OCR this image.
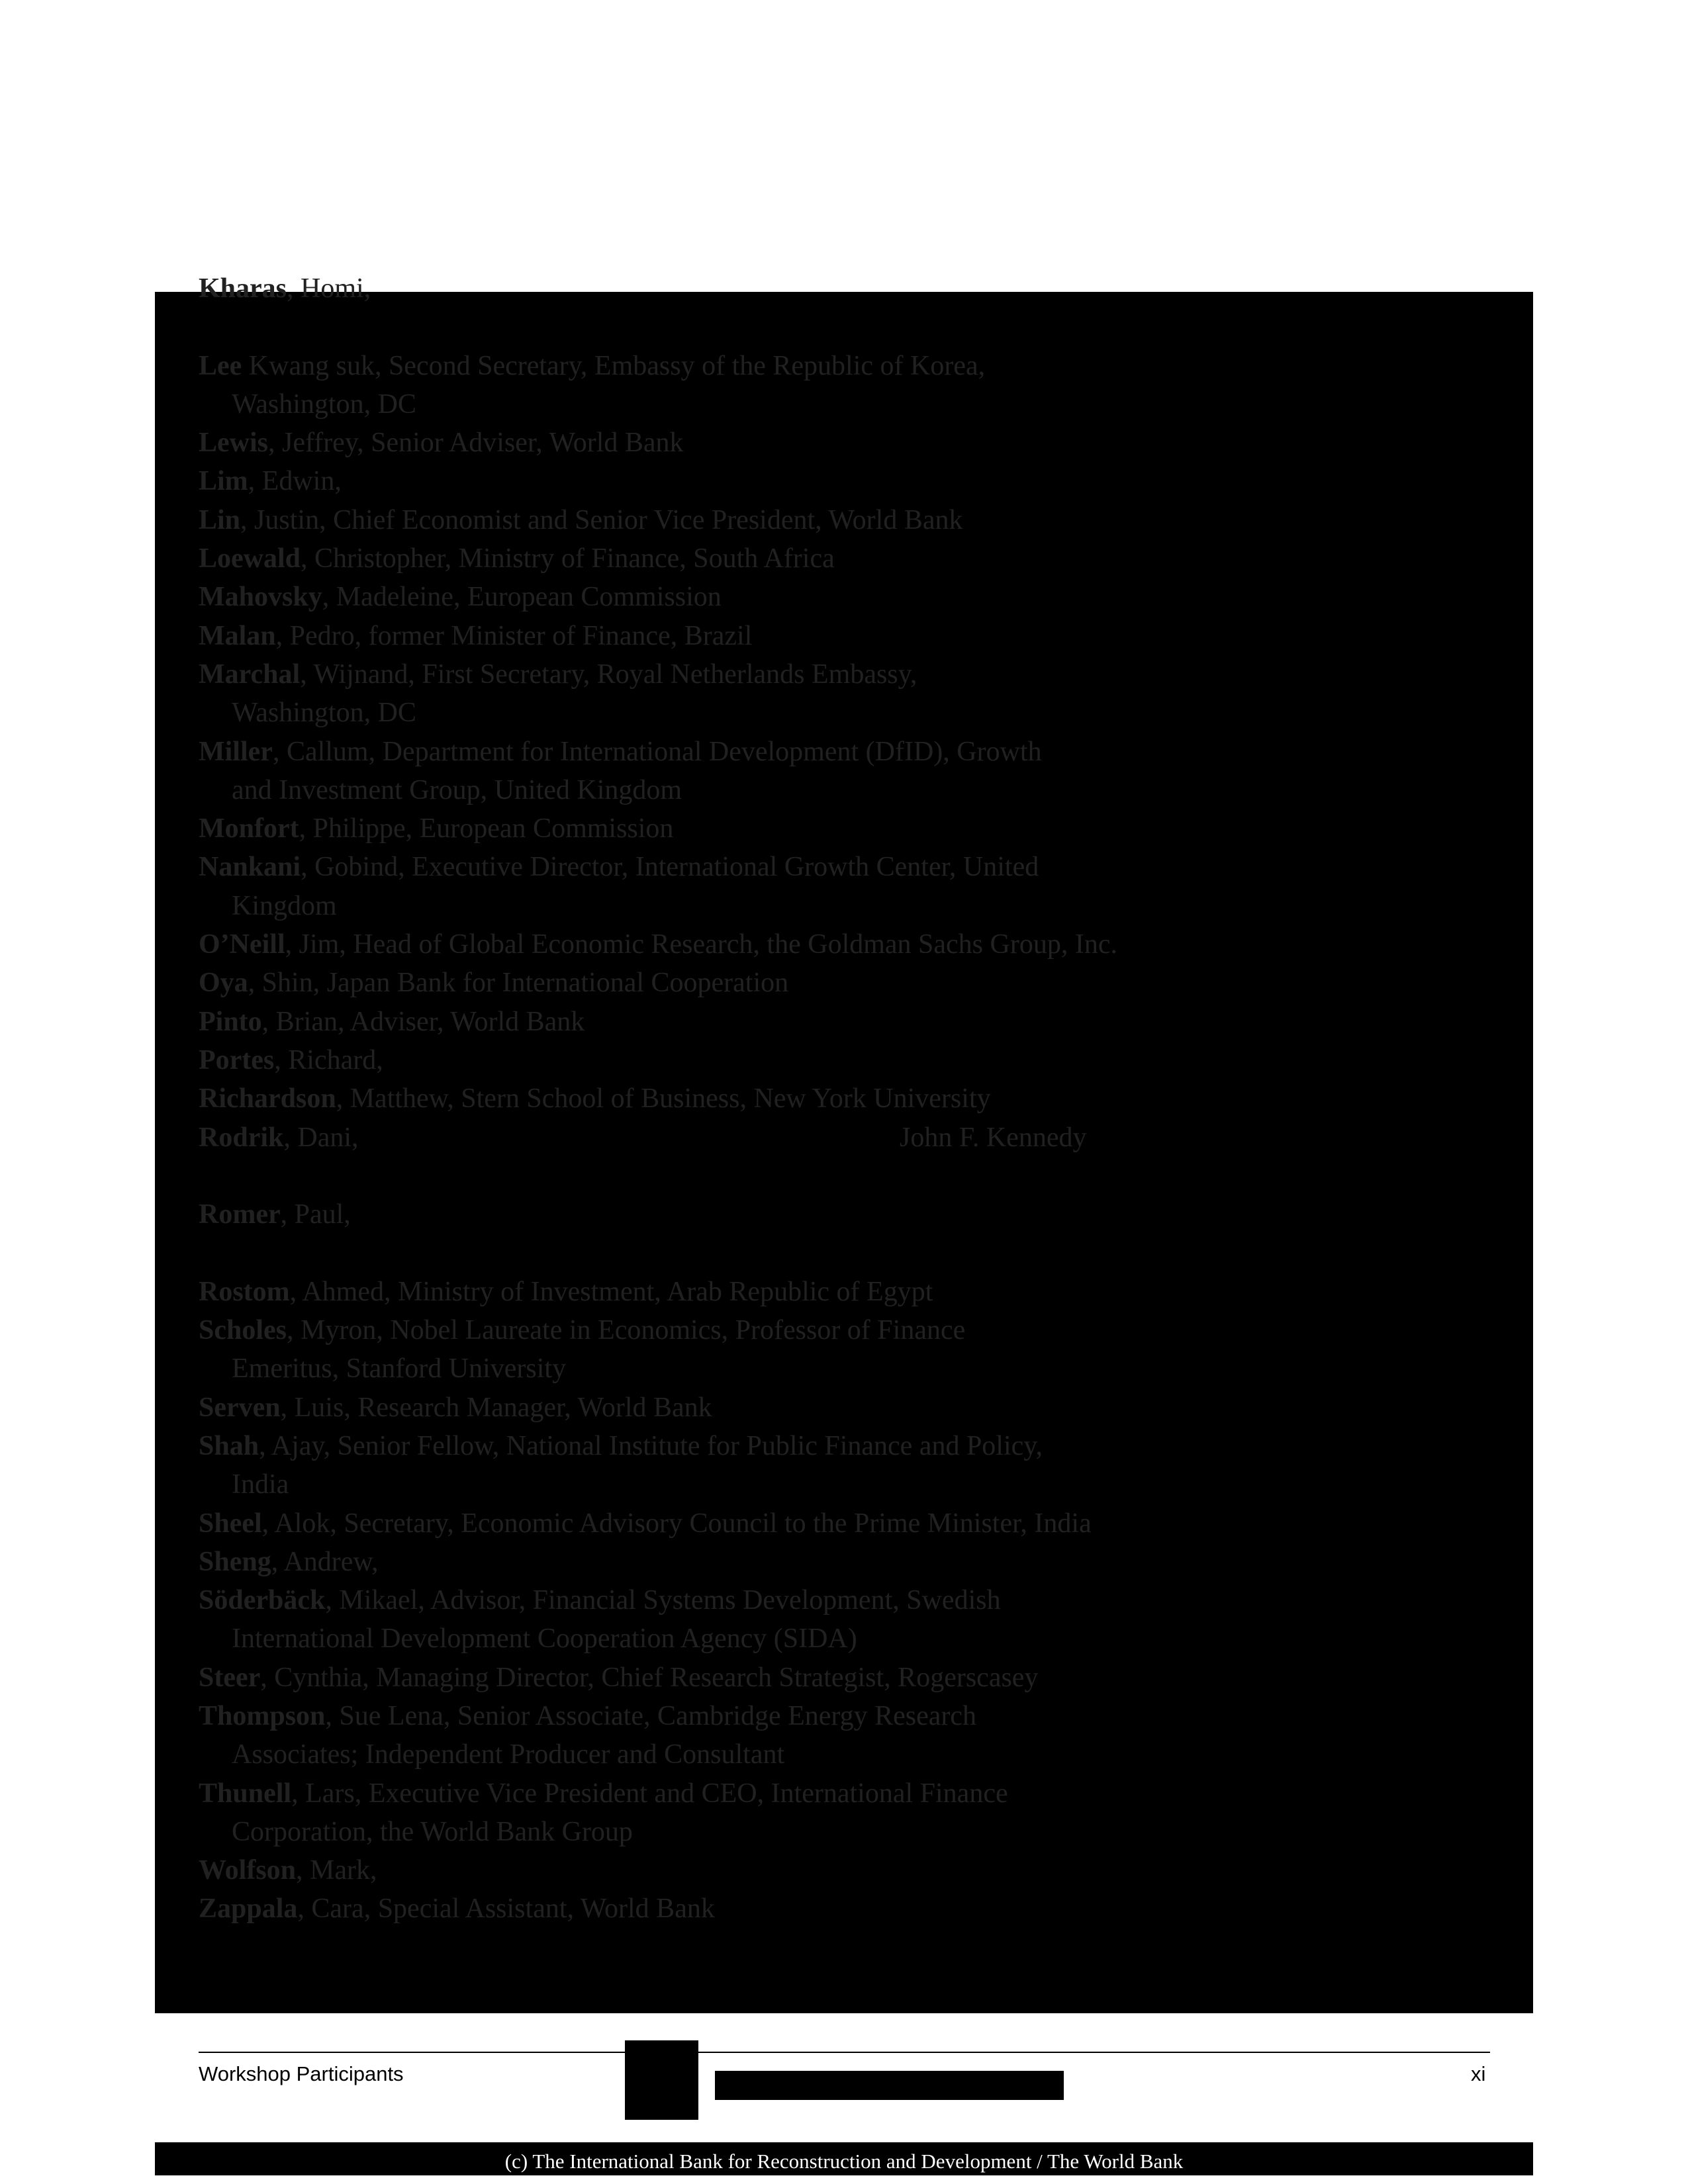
Kharas, Homi,
Lee Kwang suk, Second Secretary, Embassy of the Republic of Korea,
Washington, DC
Lewis, Jeffrey, Senior Adviser, World Bank
Lim, Edwin,
Lin, Justin, Chief Economist and Senior Vice President, World Bank
Loewald, Christopher, Ministry of Finance, South Africa
Mahovsky, Madeleine, European Commission
Malan, Pedro, former Minister of Finance, Brazil
Marchal, Wijnand, First Secretary, Royal Netherlands Embassy,
Washington, DC
Miller, Callum, Department for International Development (DfID), Growth
and Investment Group, United Kingdom
Monfort, Philippe, European Commission
Nankani, Gobind, Executive Director, International Growth Center, United
Kingdom
O’Neill, Jim, Head of Global Economic Research, the Goldman Sachs Group, Inc.
Oya, Shin, Japan Bank for International Cooperation
Pinto, Brian, Adviser, World Bank
Portes, Richard,
Richardson, Matthew, Stern School of Business, New York University
Rodrik, Dani,	John F. Kennedy
Romer, Paul,
Rostom, Ahmed, Ministry of Investment, Arab Republic of Egypt
Scholes, Myron, Nobel Laureate in Economics, Professor of Finance
Emeritus, Stanford University
Serven, Luis, Research Manager, World Bank
Shah, Ajay, Senior Fellow, National Institute for Public Finance and Policy,
India
Sheel, Alok, Secretary, Economic Advisory Council to the Prime Minister, India
Sheng, Andrew,
Söderbäck, Mikael, Advisor, Financial Systems Development, Swedish
International Development Cooperation Agency (SIDA)
Steer, Cynthia, Managing Director, Chief Research Strategist, Rogerscasey
Thompson, Sue Lena, Senior Associate, Cambridge Energy Research
Associates; Independent Producer and Consultant
Thunell, Lars, Executive Vice President and CEO, International Finance
Corporation, the World Bank Group
Wolfson, Mark,
Zappala, Cara, Special Assistant, World Bank
Workshop Participants	xi
(c) The International Bank for Reconstruction and Development / The World Bank
